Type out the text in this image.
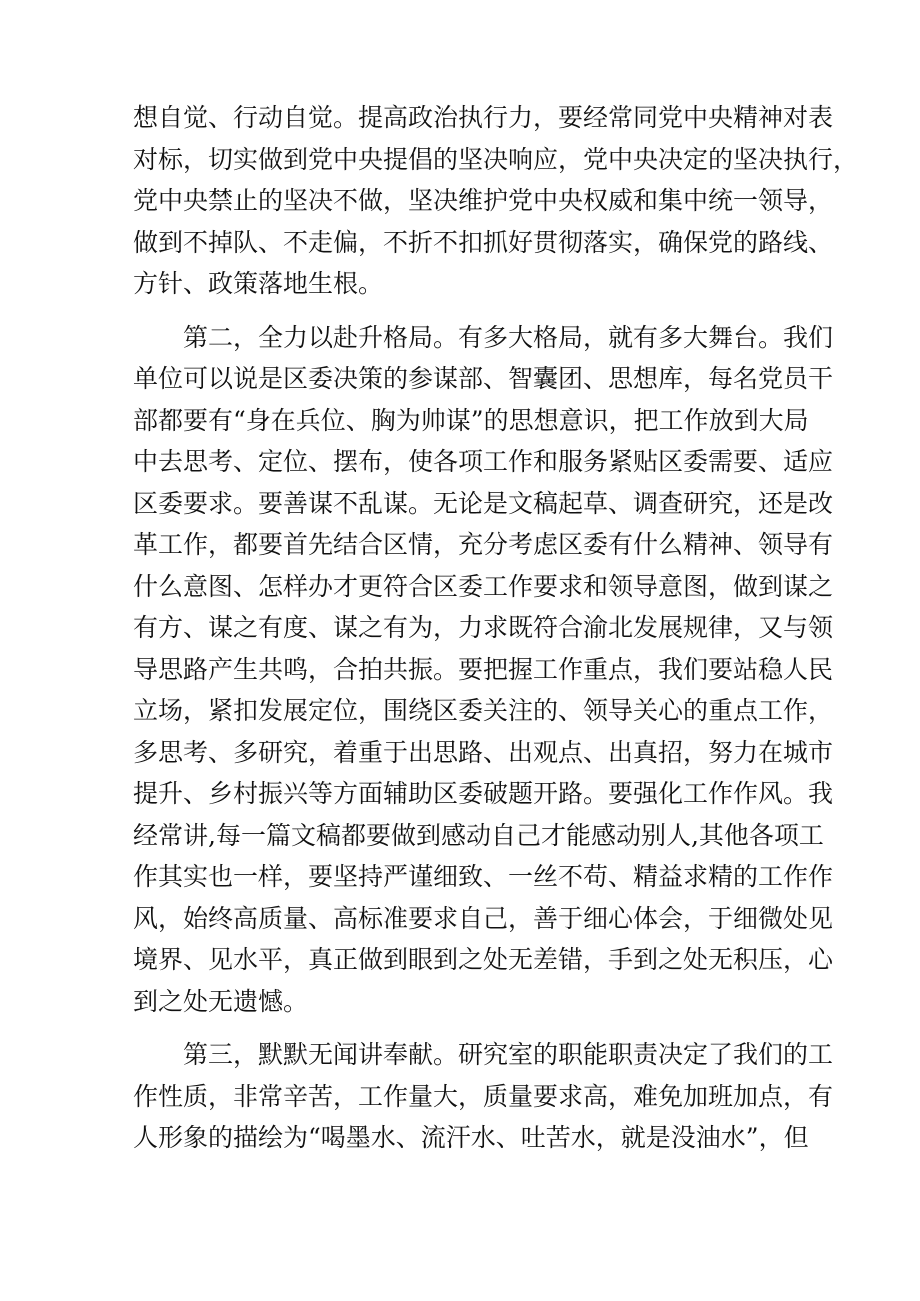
想自觉、行动自觉。提高政治执行力，要经常同党中央精神对表
对标，切实做到党中央提倡的坚决响应，党中央决定的坚决执行，
党中央禁止的坚决不做，坚决维护党中央权威和集中统一领导，
做到不掉队、不走偏，不折不扣抓好贯彻落实，确保党的路线、
方针、政策落地生根。
第二，全力以赴升格局。有多大格局，就有多大舞台。我们
单位可以说是区委决策的参谋部、智囊团、思想库，每名党员干
部都要有“身在兵位、胸为帅谋”的思想意识，把工作放到大局
中去思考、定位、摆布，使各项工作和服务紧贴区委需要、适应
区委要求。要善谋不乱谋。无论是文稿起草、调查研究，还是改
革工作，都要首先结合区情，充分考虑区委有什么精神、领导有
什么意图、怎样办才更符合区委工作要求和领导意图，做到谋之
有方、谋之有度、谋之有为，力求既符合渝北发展规律，又与领
导思路产生共鸣，合拍共振。要把握工作重点，我们要站稳人民
立场，紧扣发展定位，围绕区委关注的、领导关心的重点工作，
多思考、多研究，着重于出思路、出观点、出真招，努力在城市
提升、乡村振兴等方面辅助区委破题开路。要强化工作作风。我
经常讲,每一篇文稿都要做到感动自己才能感动别人,其他各项工
作其实也一样，要坚持严谨细致、一丝不苟、精益求精的工作作
风，始终高质量、高标准要求自己，善于细心体会，于细微处见
境界、见水平，真正做到眼到之处无差错，手到之处无积压，心
到之处无遗憾。
第三，默默无闻讲奉献。研究室的职能职责决定了我们的工
作性质，非常辛苦，工作量大，质量要求高，难免加班加点，有
人形象的描绘为“喝墨水、流汗水、吐苦水，就是没油水”，但
